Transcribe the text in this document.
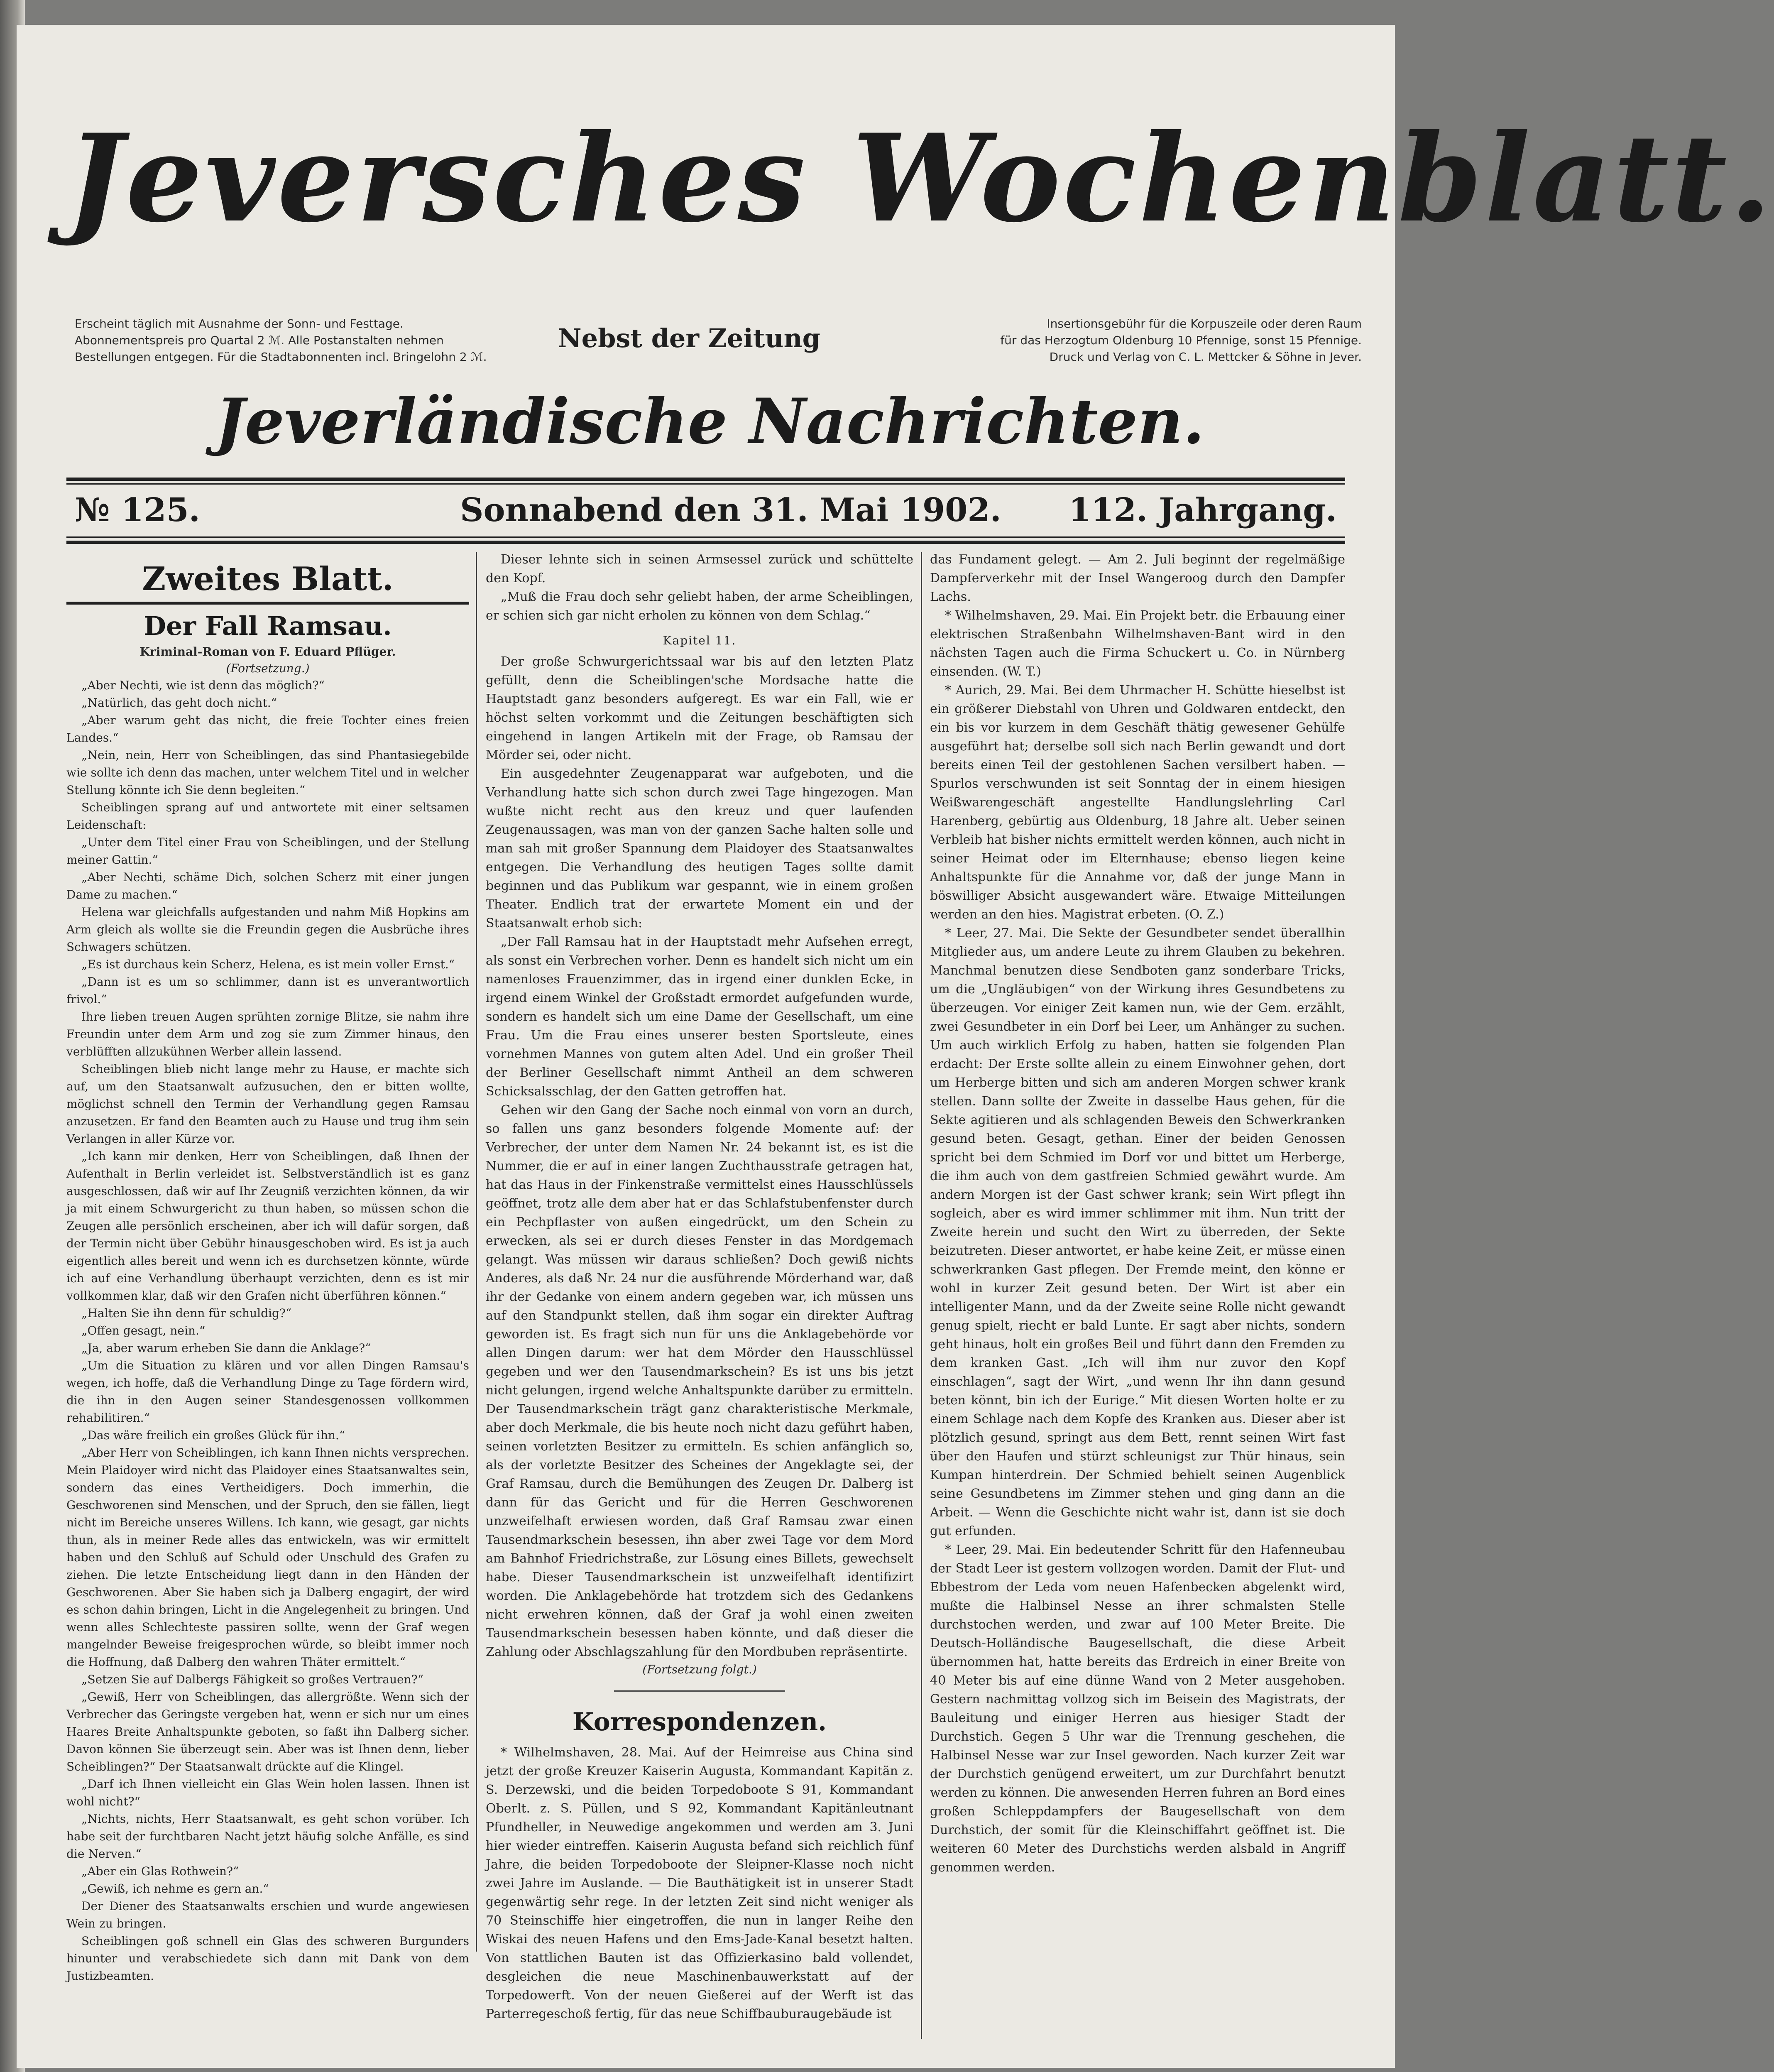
Jeversches Wochenblatt.
Erscheint täglich mit Ausnahme der Sonn- und Festtage.
Abonnementspreis pro Quartal 2 ℳ. Alle Postanstalten nehmen
Bestellungen entgegen. Für die Stadtabonnenten incl. Bringelohn 2 ℳ.
Nebst der Zeitung	Insertionsgebühr für die Korpuszeile oder deren Raum
für das Herzogtum Oldenburg 10 Pfennige, sonst 15 Pfennige.
Druck und Verlag von C. L. Mettcker & Söhne in Jever.
Jeverländische Nachrichten.
№ 125.	Sonnabend den 31. Mai 1902.	112. Jahrgang.
Zweites Blatt.
Der Fall Ramsau.
Kriminal-Roman von F. Eduard Pflüger.
(Fortsetzung.)

„Aber Nechti, wie ist denn das möglich?“

„Natürlich, das geht doch nicht.“

„Aber warum geht das nicht, die freie Tochter eines freien Landes.“

„Nein, nein, Herr von Scheiblingen, das sind Phantasiegebilde wie sollte ich denn das machen, unter welchem Titel und in welcher Stellung könnte ich Sie denn begleiten.“

Scheiblingen sprang auf und antwortete mit einer seltsamen Leidenschaft:

„Unter dem Titel einer Frau von Scheiblingen, und der Stellung meiner Gattin.“

„Aber Nechti, schäme Dich, solchen Scherz mit einer jungen Dame zu machen.“

Helena war gleichfalls aufgestanden und nahm Miß Hopkins am Arm gleich als wollte sie die Freundin gegen die Ausbrüche ihres Schwagers schützen.

„Es ist durchaus kein Scherz, Helena, es ist mein voller Ernst.“

„Dann ist es um so schlimmer, dann ist es unverantwortlich frivol.“

Ihre lieben treuen Augen sprühten zornige Blitze, sie nahm ihre Freundin unter dem Arm und zog sie zum Zimmer hinaus, den verblüfften allzukühnen Werber allein lassend.

Scheiblingen blieb nicht lange mehr zu Hause, er machte sich auf, um den Staatsanwalt aufzusuchen, den er bitten wollte, möglichst schnell den Termin der Verhandlung gegen Ramsau anzusetzen. Er fand den Beamten auch zu Hause und trug ihm sein Verlangen in aller Kürze vor.

„Ich kann mir denken, Herr von Scheiblingen, daß Ihnen der Aufenthalt in Berlin verleidet ist. Selbstverständlich ist es ganz ausgeschlossen, daß wir auf Ihr Zeugniß verzichten können, da wir ja mit einem Schwurgericht zu thun haben, so müssen schon die Zeugen alle persönlich erscheinen, aber ich will dafür sorgen, daß der Termin nicht über Gebühr hinausgeschoben wird. Es ist ja auch eigentlich alles bereit und wenn ich es durchsetzen könnte, würde ich auf eine Verhandlung überhaupt verzichten, denn es ist mir vollkommen klar, daß wir den Grafen nicht überführen können.“

„Halten Sie ihn denn für schuldig?“

„Offen gesagt, nein.“

„Ja, aber warum erheben Sie dann die Anklage?“

„Um die Situation zu klären und vor allen Dingen Ramsau's wegen, ich hoffe, daß die Verhandlung Dinge zu Tage fördern wird, die ihn in den Augen seiner Standesgenossen vollkommen rehabilitiren.“

„Das wäre freilich ein großes Glück für ihn.“

„Aber Herr von Scheiblingen, ich kann Ihnen nichts versprechen. Mein Plaidoyer wird nicht das Plaidoyer eines Staatsanwaltes sein, sondern das eines Vertheidigers. Doch immerhin, die Geschworenen sind Menschen, und der Spruch, den sie fällen, liegt nicht im Bereiche unseres Willens. Ich kann, wie gesagt, gar nichts thun, als in meiner Rede alles das entwickeln, was wir ermittelt haben und den Schluß auf Schuld oder Unschuld des Grafen zu ziehen. Die letzte Entscheidung liegt dann in den Händen der Geschworenen. Aber Sie haben sich ja Dalberg engagirt, der wird es schon dahin bringen, Licht in die Angelegenheit zu bringen. Und wenn alles Schlechteste passiren sollte, wenn der Graf wegen mangelnder Beweise freigesprochen würde, so bleibt immer noch die Hoffnung, daß Dalberg den wahren Thäter ermittelt.“

„Setzen Sie auf Dalbergs Fähigkeit so großes Vertrauen?“

„Gewiß, Herr von Scheiblingen, das allergrößte. Wenn sich der Verbrecher das Geringste vergeben hat, wenn er sich nur um eines Haares Breite Anhaltspunkte geboten, so faßt ihn Dalberg sicher. Davon können Sie überzeugt sein. Aber was ist Ihnen denn, lieber Scheiblingen?“ Der Staatsanwalt drückte auf die Klingel.

„Darf ich Ihnen vielleicht ein Glas Wein holen lassen. Ihnen ist wohl nicht?“

„Nichts, nichts, Herr Staatsanwalt, es geht schon vorüber. Ich habe seit der furchtbaren Nacht jetzt häufig solche Anfälle, es sind die Nerven.“

„Aber ein Glas Rothwein?“

„Gewiß, ich nehme es gern an.“

Der Diener des Staatsanwalts erschien und wurde angewiesen Wein zu bringen.

Scheiblingen goß schnell ein Glas des schweren Burgunders hinunter und verabschiedete sich dann mit Dank von dem Justizbeamten.

Dieser lehnte sich in seinen Armsessel zurück und schüttelte den Kopf.

„Muß die Frau doch sehr geliebt haben, der arme Scheiblingen, er schien sich gar nicht erholen zu können von dem Schlag.“

Kapitel 11.

Der große Schwurgerichtssaal war bis auf den letzten Platz gefüllt, denn die Scheiblingen'sche Mordsache hatte die Hauptstadt ganz besonders aufgeregt. Es war ein Fall, wie er höchst selten vorkommt und die Zeitungen beschäftigten sich eingehend in langen Artikeln mit der Frage, ob Ramsau der Mörder sei, oder nicht.

Ein ausgedehnter Zeugenapparat war aufgeboten, und die Verhandlung hatte sich schon durch zwei Tage hingezogen. Man wußte nicht recht aus den kreuz und quer laufenden Zeugenaussagen, was man von der ganzen Sache halten solle und man sah mit großer Spannung dem Plaidoyer des Staatsanwaltes entgegen. Die Verhandlung des heutigen Tages sollte damit beginnen und das Publikum war gespannt, wie in einem großen Theater. Endlich trat der erwartete Moment ein und der Staatsanwalt erhob sich:

„Der Fall Ramsau hat in der Hauptstadt mehr Aufsehen erregt, als sonst ein Verbrechen vorher. Denn es handelt sich nicht um ein namenloses Frauenzimmer, das in irgend einer dunklen Ecke, in irgend einem Winkel der Großstadt ermordet aufgefunden wurde, sondern es handelt sich um eine Dame der Gesellschaft, um eine Frau. Um die Frau eines unserer besten Sportsleute, eines vornehmen Mannes von gutem alten Adel. Und ein großer Theil der Berliner Gesellschaft nimmt Antheil an dem schweren Schicksalsschlag, der den Gatten getroffen hat.

Gehen wir den Gang der Sache noch einmal von vorn an durch, so fallen uns ganz besonders folgende Momente auf: der Verbrecher, der unter dem Namen Nr. 24 bekannt ist, es ist die Nummer, die er auf in einer langen Zuchthausstrafe getragen hat, hat das Haus in der Finkenstraße vermittelst eines Hausschlüssels geöffnet, trotz alle dem aber hat er das Schlafstubenfenster durch ein Pechpflaster von außen eingedrückt, um den Schein zu erwecken, als sei er durch dieses Fenster in das Mordgemach gelangt. Was müssen wir daraus schließen? Doch gewiß nichts Anderes, als daß Nr. 24 nur die ausführende Mörderhand war, daß ihr der Gedanke von einem andern gegeben war, ich müssen uns auf den Standpunkt stellen, daß ihm sogar ein direkter Auftrag geworden ist. Es fragt sich nun für uns die Anklagebehörde vor allen Dingen darum: wer hat dem Mörder den Hausschlüssel gegeben und wer den Tausendmarkschein? Es ist uns bis jetzt nicht gelungen, irgend welche Anhaltspunkte darüber zu ermitteln. Der Tausendmarkschein trägt ganz charakteristische Merkmale, aber doch Merkmale, die bis heute noch nicht dazu geführt haben, seinen vorletzten Besitzer zu ermitteln. Es schien anfänglich so, als der vorletzte Besitzer des Scheines der Angeklagte sei, der Graf Ramsau, durch die Bemühungen des Zeugen Dr. Dalberg ist dann für das Gericht und für die Herren Geschworenen unzweifelhaft erwiesen worden, daß Graf Ramsau zwar einen Tausendmarkschein besessen, ihn aber zwei Tage vor dem Mord am Bahnhof Friedrichstraße, zur Lösung eines Billets, gewechselt habe. Dieser Tausendmarkschein ist unzweifelhaft identifizirt worden. Die Anklagebehörde hat trotzdem sich des Gedankens nicht erwehren können, daß der Graf ja wohl einen zweiten Tausendmarkschein besessen haben könnte, und daß dieser die Zahlung oder Abschlagszahlung für den Mordbuben repräsentirte.

(Fortsetzung folgt.)
Korrespondenzen.

* Wilhelmshaven, 28. Mai. Auf der Heimreise aus China sind jetzt der große Kreuzer Kaiserin Augusta, Kommandant Kapitän z. S. Derzewski, und die beiden Torpedoboote S 91, Kommandant Oberlt. z. S. Püllen, und S 92, Kommandant Kapitänleutnant Pfundheller, in Neuwedige angekommen und werden am 3. Juni hier wieder eintreffen. Kaiserin Augusta befand sich reichlich fünf Jahre, die beiden Torpedoboote der Sleipner-Klasse noch nicht zwei Jahre im Auslande. — Die Bauthätigkeit ist in unserer Stadt gegenwärtig sehr rege. In der letzten Zeit sind nicht weniger als 70 Steinschiffe hier eingetroffen, die nun in langer Reihe den Wiskai des neuen Hafens und den Ems-Jade-Kanal besetzt halten. Von stattlichen Bauten ist das Offizierkasino bald vollendet, desgleichen die neue Maschinenbauwerkstatt auf der Torpedowerft. Von der neuen Gießerei auf der Werft ist das Parterregeschoß fertig, für das neue Schiffbauburaugebäude ist

das Fundament gelegt. — Am 2. Juli beginnt der regelmäßige Dampferverkehr mit der Insel Wangeroog durch den Dampfer Lachs.

* Wilhelmshaven, 29. Mai. Ein Projekt betr. die Erbauung einer elektrischen Straßenbahn Wilhelmshaven-Bant wird in den nächsten Tagen auch die Firma Schuckert u. Co. in Nürnberg einsenden. (W. T.)

* Aurich, 29. Mai. Bei dem Uhrmacher H. Schütte hieselbst ist ein größerer Diebstahl von Uhren und Goldwaren entdeckt, den ein bis vor kurzem in dem Geschäft thätig gewesener Gehülfe ausgeführt hat; derselbe soll sich nach Berlin gewandt und dort bereits einen Teil der gestohlenen Sachen versilbert haben. — Spurlos verschwunden ist seit Sonntag der in einem hiesigen Weißwarengeschäft angestellte Handlungslehrling Carl Harenberg, gebürtig aus Oldenburg, 18 Jahre alt. Ueber seinen Verbleib hat bisher nichts ermittelt werden können, auch nicht in seiner Heimat oder im Elternhause; ebenso liegen keine Anhaltspunkte für die Annahme vor, daß der junge Mann in böswilliger Absicht ausgewandert wäre. Etwaige Mitteilungen werden an den hies. Magistrat erbeten. (O. Z.)

* Leer, 27. Mai. Die Sekte der Gesundbeter sendet überallhin Mitglieder aus, um andere Leute zu ihrem Glauben zu bekehren. Manchmal benutzen diese Sendboten ganz sonderbare Tricks, um die „Ungläubigen“ von der Wirkung ihres Gesundbetens zu überzeugen. Vor einiger Zeit kamen nun, wie der Gem. erzählt, zwei Gesundbeter in ein Dorf bei Leer, um Anhänger zu suchen. Um auch wirklich Erfolg zu haben, hatten sie folgenden Plan erdacht: Der Erste sollte allein zu einem Einwohner gehen, dort um Herberge bitten und sich am anderen Morgen schwer krank stellen. Dann sollte der Zweite in dasselbe Haus gehen, für die Sekte agitieren und als schlagenden Beweis den Schwerkranken gesund beten. Gesagt, gethan. Einer der beiden Genossen spricht bei dem Schmied im Dorf vor und bittet um Herberge, die ihm auch von dem gastfreien Schmied gewährt wurde. Am andern Morgen ist der Gast schwer krank; sein Wirt pflegt ihn sogleich, aber es wird immer schlimmer mit ihm. Nun tritt der Zweite herein und sucht den Wirt zu überreden, der Sekte beizutreten. Dieser antwortet, er habe keine Zeit, er müsse einen schwerkranken Gast pflegen. Der Fremde meint, den könne er wohl in kurzer Zeit gesund beten. Der Wirt ist aber ein intelligenter Mann, und da der Zweite seine Rolle nicht gewandt genug spielt, riecht er bald Lunte. Er sagt aber nichts, sondern geht hinaus, holt ein großes Beil und führt dann den Fremden zu dem kranken Gast. „Ich will ihm nur zuvor den Kopf einschlagen“, sagt der Wirt, „und wenn Ihr ihn dann gesund beten könnt, bin ich der Eurige.“ Mit diesen Worten holte er zu einem Schlage nach dem Kopfe des Kranken aus. Dieser aber ist plötzlich gesund, springt aus dem Bett, rennt seinen Wirt fast über den Haufen und stürzt schleunigst zur Thür hinaus, sein Kumpan hinterdrein. Der Schmied behielt seinen Augenblick seine Gesundbetens im Zimmer stehen und ging dann an die Arbeit. — Wenn die Geschichte nicht wahr ist, dann ist sie doch gut erfunden.

* Leer, 29. Mai. Ein bedeutender Schritt für den Hafenneubau der Stadt Leer ist gestern vollzogen worden. Damit der Flut- und Ebbestrom der Leda vom neuen Hafenbecken abgelenkt wird, mußte die Halbinsel Nesse an ihrer schmalsten Stelle durchstochen werden, und zwar auf 100 Meter Breite. Die Deutsch-Holländische Baugesellschaft, die diese Arbeit übernommen hat, hatte bereits das Erdreich in einer Breite von 40 Meter bis auf eine dünne Wand von 2 Meter ausgehoben. Gestern nachmittag vollzog sich im Beisein des Magistrats, der Bauleitung und einiger Herren aus hiesiger Stadt der Durchstich. Gegen 5 Uhr war die Trennung geschehen, die Halbinsel Nesse war zur Insel geworden. Nach kurzer Zeit war der Durchstich genügend erweitert, um zur Durchfahrt benutzt werden zu können. Die anwesenden Herren fuhren an Bord eines großen Schleppdampfers der Baugesellschaft von dem Durchstich, der somit für die Kleinschiffahrt geöffnet ist. Die weiteren 60 Meter des Durchstichs werden alsbald in Angriff genommen werden.
